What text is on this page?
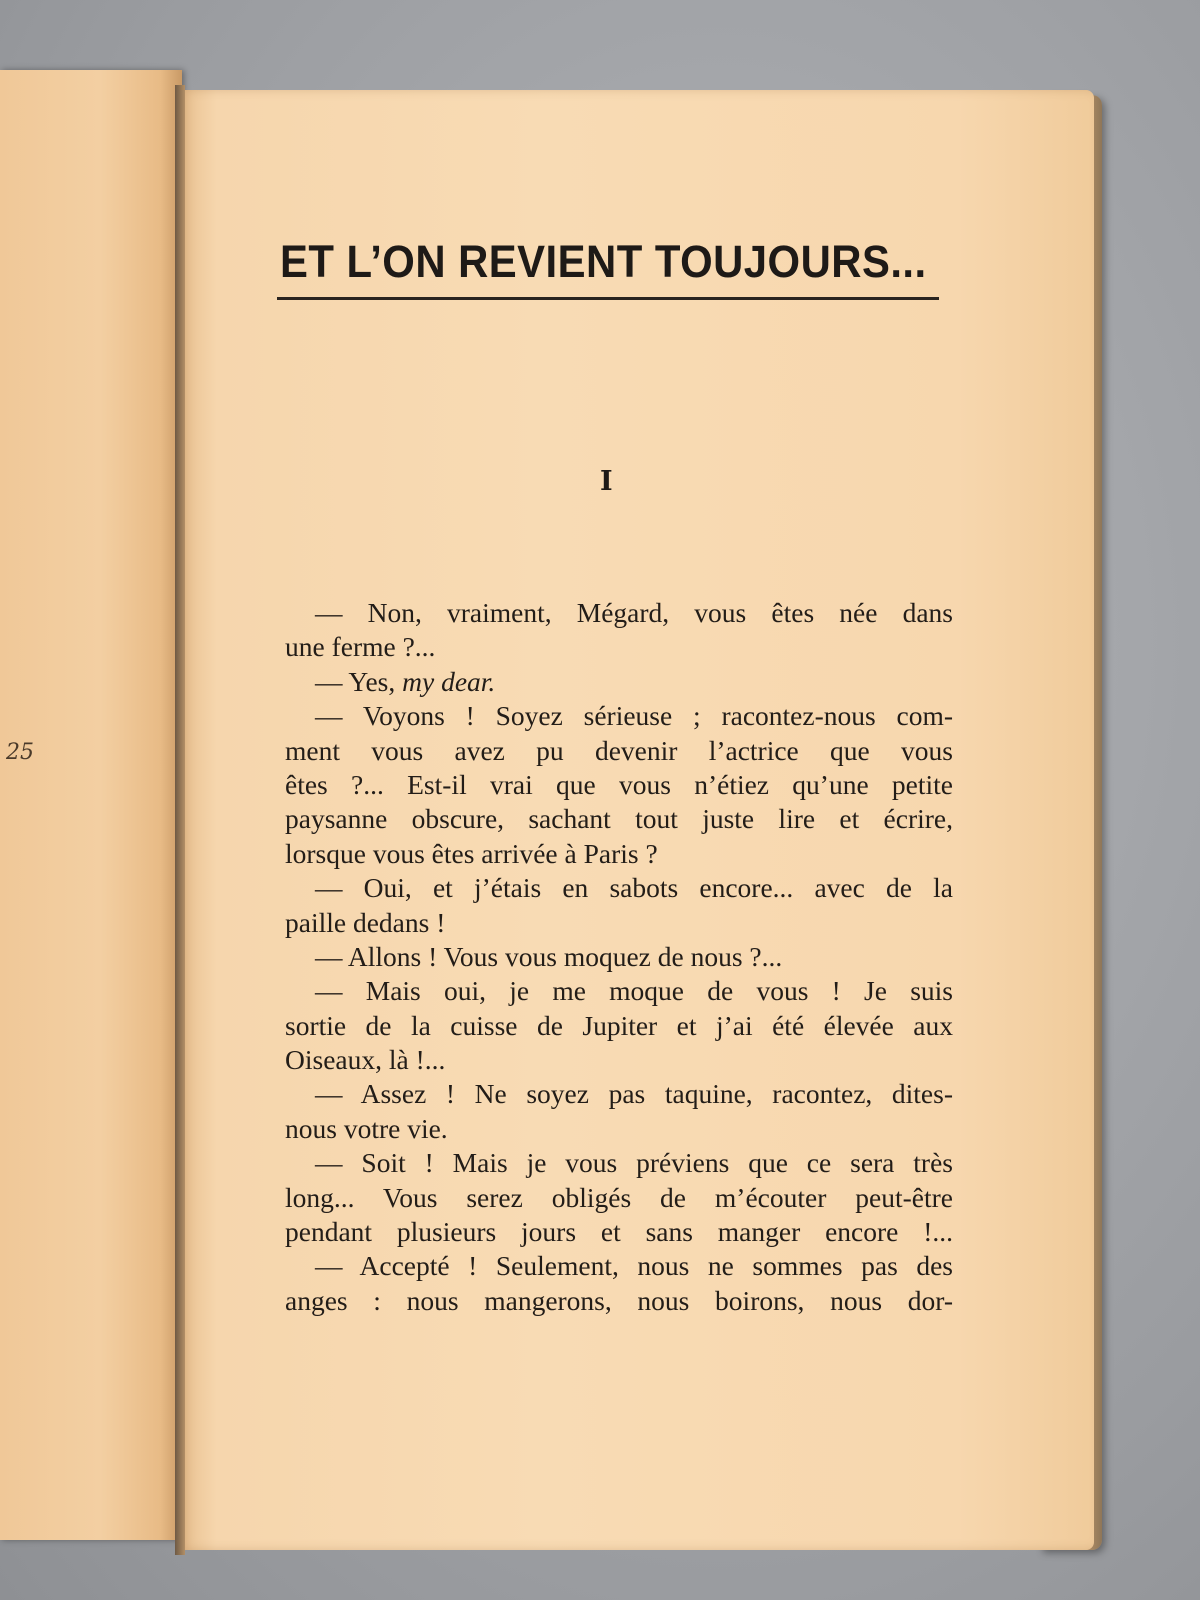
25
ET L’ON REVIENT TOUJOURS...
I
— Non, vraiment, Mégard, vous êtes née dans
une ferme ?...
— Yes, my dear.
— Voyons ! Soyez sérieuse ; racontez-nous com-
ment vous avez pu devenir l’actrice que vous
êtes ?... Est-il vrai que vous n’étiez qu’une petite
paysanne obscure, sachant tout juste lire et écrire,
lorsque vous êtes arrivée à Paris ?
— Oui, et j’étais en sabots encore... avec de la
paille dedans !
— Allons ! Vous vous moquez de nous ?...
— Mais oui, je me moque de vous ! Je suis
sortie de la cuisse de Jupiter et j’ai été élevée aux
Oiseaux, là !...
— Assez ! Ne soyez pas taquine, racontez, dites-
nous votre vie.
— Soit ! Mais je vous préviens que ce sera très
long... Vous serez obligés de m’écouter peut-être
pendant plusieurs jours et sans manger encore !...
— Accepté ! Seulement, nous ne sommes pas des
anges : nous mangerons, nous boirons, nous dor-
